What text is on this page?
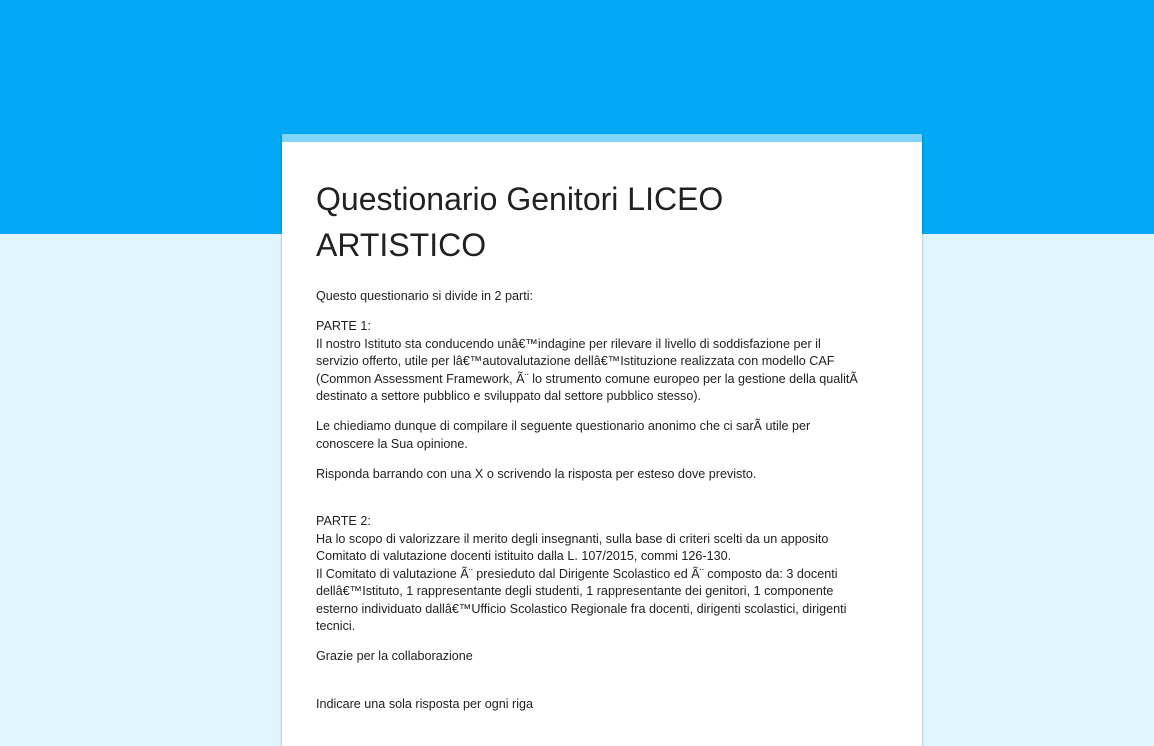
Questionario Genitori LICEO
ARTISTICO

Questo questionario si divide in 2 parti:

PARTE 1:

Il nostro Istituto sta conducendo unâ€™indagine per rilevare il livello di soddisfazione per il

servizio offerto, utile per lâ€™autovalutazione dellâ€™Istituzione realizzata con modello CAF

(Common Assessment Framework, Ã¨ lo strumento comune europeo per la gestione della qualitÃ

destinato a settore pubblico e sviluppato dal settore pubblico stesso).

Le chiediamo dunque di compilare il seguente questionario anonimo che ci sarÃ utile per

conoscere la Sua opinione.

Risponda barrando con una X o scrivendo la risposta per esteso dove previsto.

PARTE 2:

Ha lo scopo di valorizzare il merito degli insegnanti, sulla base di criteri scelti da un apposito

Comitato di valutazione docenti istituito dalla L. 107/2015, commi 126-130.

Il Comitato di valutazione Ã¨ presieduto dal Dirigente Scolastico ed Ã¨ composto da: 3 docenti

dellâ€™Istituto, 1 rappresentante degli studenti, 1 rappresentante dei genitori, 1 componente

esterno individuato dallâ€™Ufficio Scolastico Regionale fra docenti, dirigenti scolastici, dirigenti

tecnici.

Grazie per la collaborazione

Indicare una sola risposta per ogni riga
